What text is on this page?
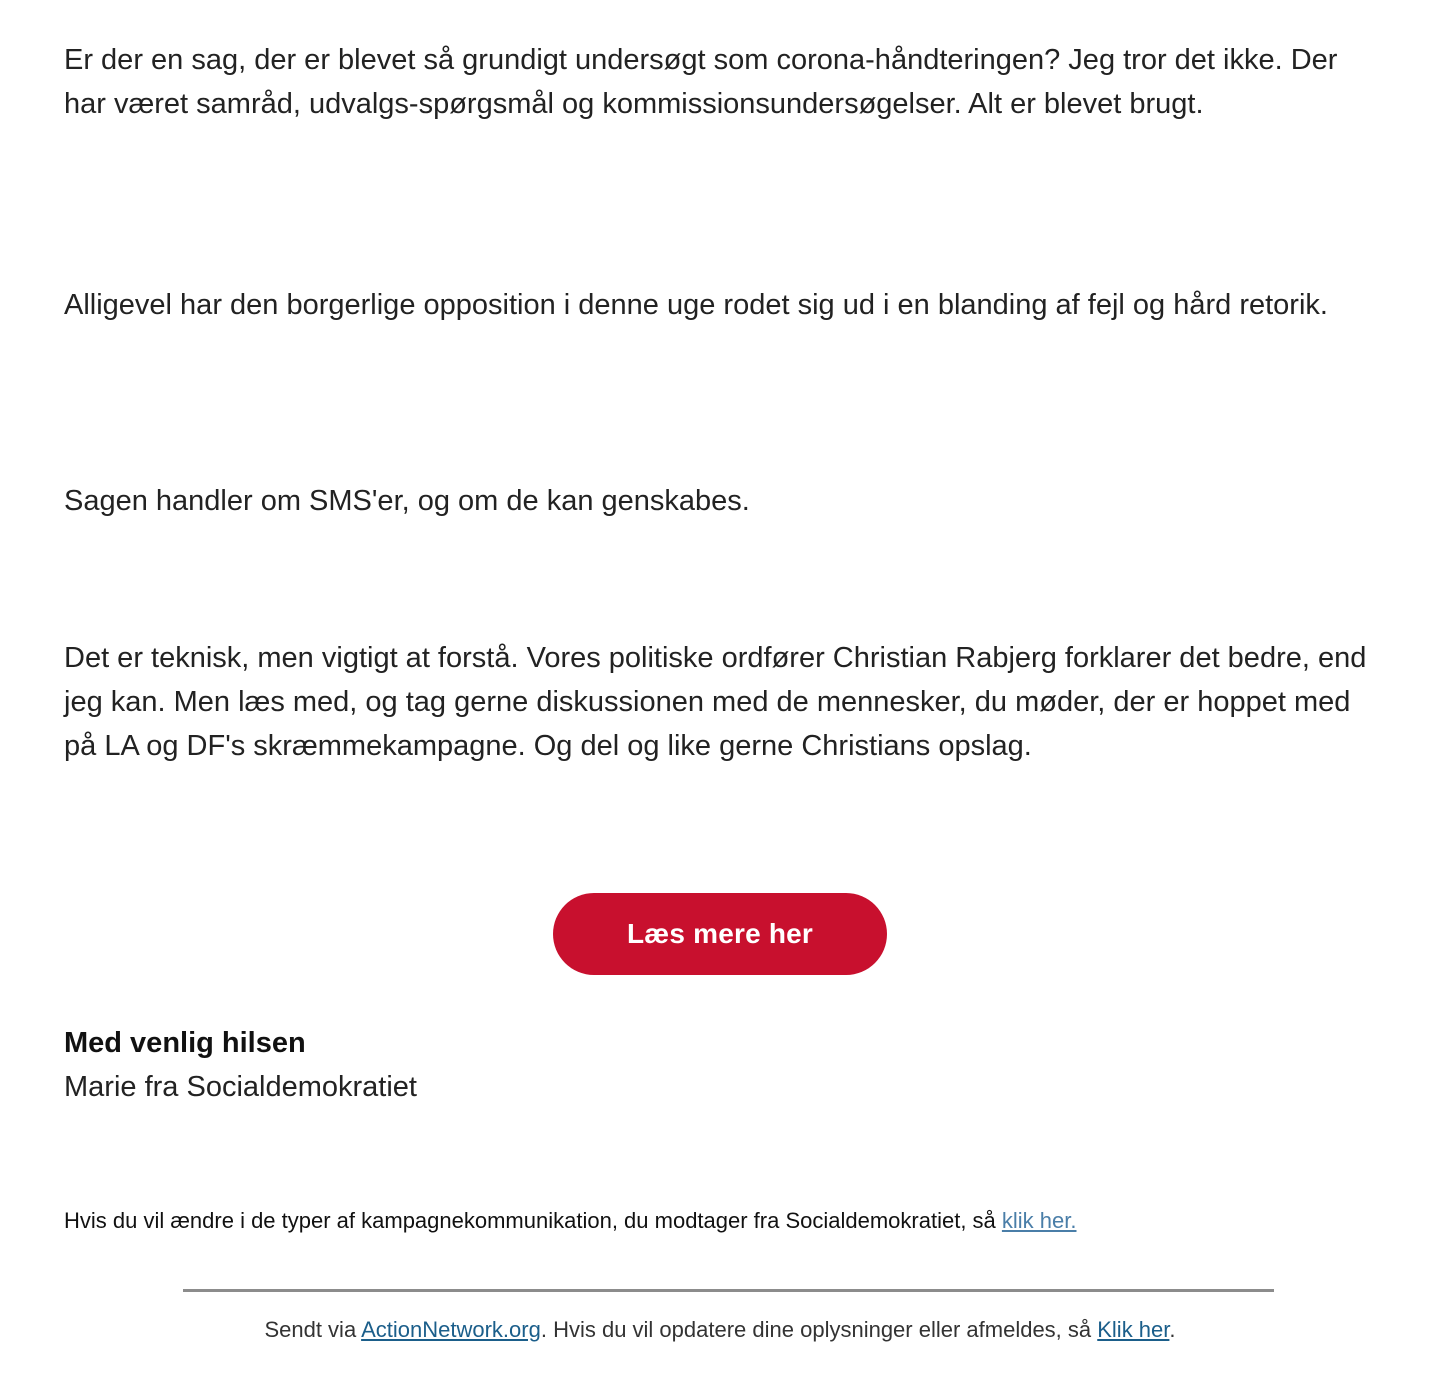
Er der en sag, der er blevet så grundigt undersøgt som corona-håndteringen? Jeg tror det ikke. Der har været samråd, udvalgs-spørgsmål og kommissionsundersøgelser. Alt er blevet brugt.

Alligevel har den borgerlige opposition i denne uge rodet sig ud i en blanding af fejl og hård retorik.

Sagen handler om SMS'er, og om de kan genskabes.

Det er teknisk, men vigtigt at forstå. Vores politiske ordfører Christian Rabjerg forklarer det bedre, end jeg kan. Men læs med, og tag gerne diskussionen med de mennesker, du møder, der er hoppet med på LA og DF's skræmmekampagne. Og del og like gerne Christians opslag.

Læs mere her
Med venlig hilsen
Marie fra Socialdemokratiet
Hvis du vil ændre i de typer af kampagnekommunikation, du modtager fra Socialdemokratiet, så klik her.
Sendt via ActionNetwork.org. Hvis du vil opdatere dine oplysninger eller afmeldes, så Klik her.
